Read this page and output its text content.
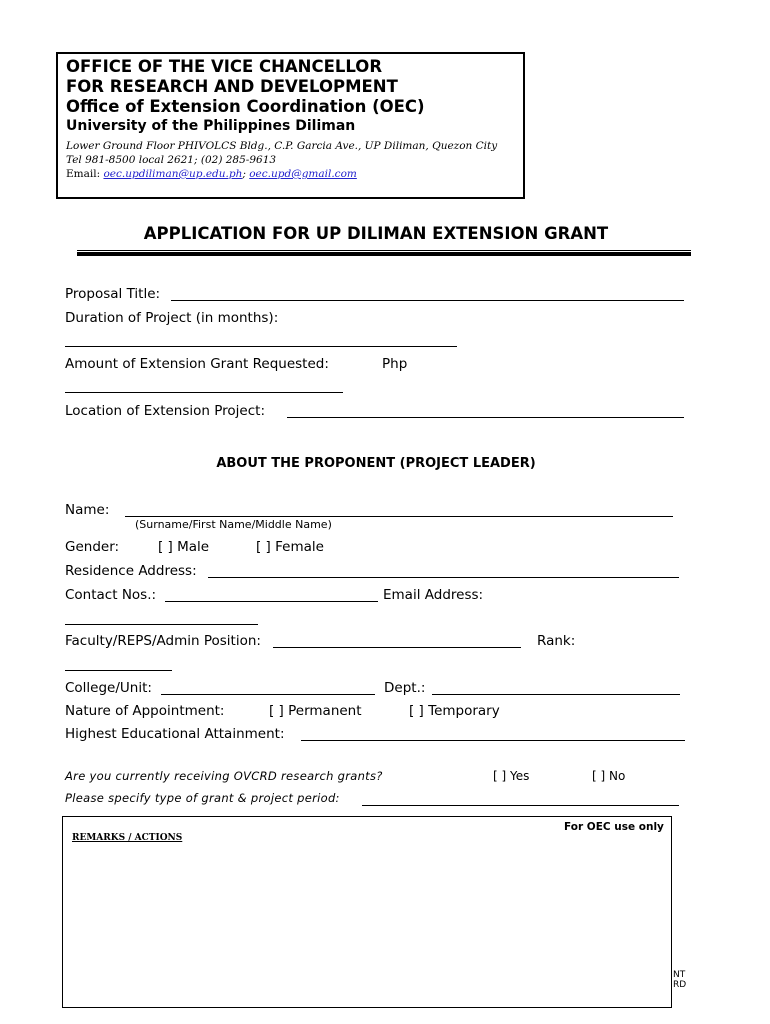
OFFICE OF THE VICE CHANCELLOR
FOR RESEARCH AND DEVELOPMENT
Office of Extension Coordination (OEC)
University of the Philippines Diliman
Lower Ground Floor PHIVOLCS Bldg., C.P. Garcia Ave., UP Diliman, Quezon City
Tel 981-8500 local 2621; (02) 285-9613
Email: oec.updiliman@up.edu.ph; oec.upd@gmail.com
APPLICATION FOR UP DILIMAN EXTENSION GRANT
Proposal Title:
Duration of Project (in months):
Amount of Extension Grant Requested:	Php
Location of Extension Project:
ABOUT THE PROPONENT (PROJECT LEADER)
Name:
(Surname/First Name/Middle Name)
Gender:	[ ] Male	[ ] Female
Residence Address:
Contact Nos.:	Email Address:
Faculty/REPS/Admin Position:	Rank:
College/Unit:	Dept.:
Nature of Appointment:	[ ] Permanent	[ ] Temporary
Highest Educational Attainment:
Are you currently receiving OVCRD research grants?	[ ] Yes	[ ] No
Please specify type of grant & project period:
For OEC use only
REMARKS / ACTIONS
NT
RD
